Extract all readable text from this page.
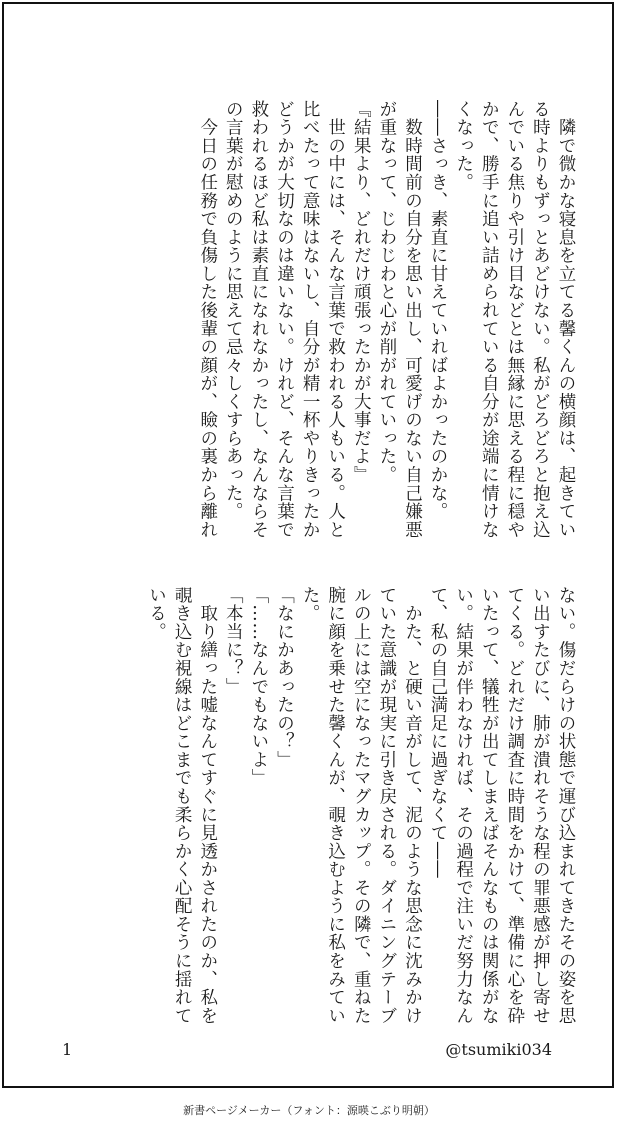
　隣で微かな寝息を立てる馨くんの横顔は、起きてい

る時よりもずっとあどけない。私がどろどろと抱え込

んでいる焦りや引け目などとは無縁に思える程に穏や

かで、勝手に追い詰められている自分が途端に情けな

くなった。

――さっき、素直に甘えていればよかったのかな。

　数時間前の自分を思い出し、可愛げのない自己嫌悪

が重なって、じわじわと心が削がれていった。

『結果より、どれだけ頑張ったかが大事だよ』

　世の中には、そんな言葉で救われる人もいる。人と

比べたって意味はないし、自分が精一杯やりきったか

どうかが大切なのは違いない。けれど、そんな言葉で

救われるほど私は素直になれなかったし、なんならそ

の言葉が慰めのように思えて忌々しくすらあった。

　今日の任務で負傷した後輩の顔が、瞼の裏から離れ

ない。傷だらけの状態で運び込まれてきたその姿を思

い出すたびに、肺が潰れそうな程の罪悪感が押し寄せ

てくる。どれだけ調査に時間をかけて、準備に心を砕

いたって、犠牲が出てしまえばそんなものは関係がな

い。結果が伴わなければ、その過程で注いだ努力なん

て、私の自己満足に過ぎなくて――

　かた、と硬い音がして、泥のような思念に沈みかけ

ていた意識が現実に引き戻される。ダイニングテーブ

ルの上には空になったマグカップ。その隣で、重ねた

腕に顔を乗せた馨くんが、覗き込むように私をみてい

た。

「なにかあったの？」

「……なんでもないよ」

「本当に？」

　取り繕った嘘なんてすぐに見透かされたのか、私を

覗き込む視線はどこまでも柔らかく心配そうに揺れて

いる。

1	@tsumiki034
新書ページメーカー（フォント：源暎こぶり明朝）
